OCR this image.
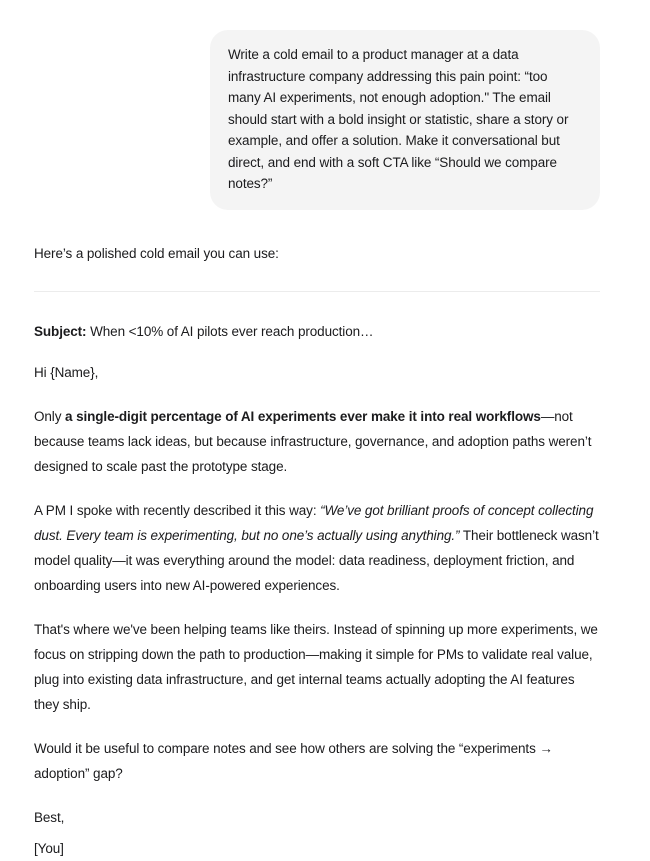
Write a cold email to a product manager at a data infrastructure company addressing this pain point: “too many AI experiments, not enough adoption." The email should start with a bold insight or statistic, share a story or example, and offer a solution. Make it conversational but direct, and end with a soft CTA like “Should we compare notes?”
Here’s a polished cold email you can use:

Subject: When <10% of AI pilots ever reach production…

Hi {Name},

Only a single-digit percentage of AI experiments ever make it into real workflows—not because teams lack ideas, but because infrastructure, governance, and adoption paths weren’t designed to scale past the prototype stage.

A PM I spoke with recently described it this way: “We’ve got brilliant proofs of concept collecting dust. Every team is experimenting, but no one’s actually using anything.” Their bottleneck wasn’t model quality—it was everything around the model: data readiness, deployment friction, and onboarding users into new AI-powered experiences.

That's where we've been helping teams like theirs. Instead of spinning up more experiments, we focus on stripping down the path to production—making it simple for PMs to validate real value, plug into existing data infrastructure, and get internal teams actually adopting the AI features they ship.

Would it be useful to compare notes and see how others are solving the “experiments → adoption” gap?

Best,

[You]
